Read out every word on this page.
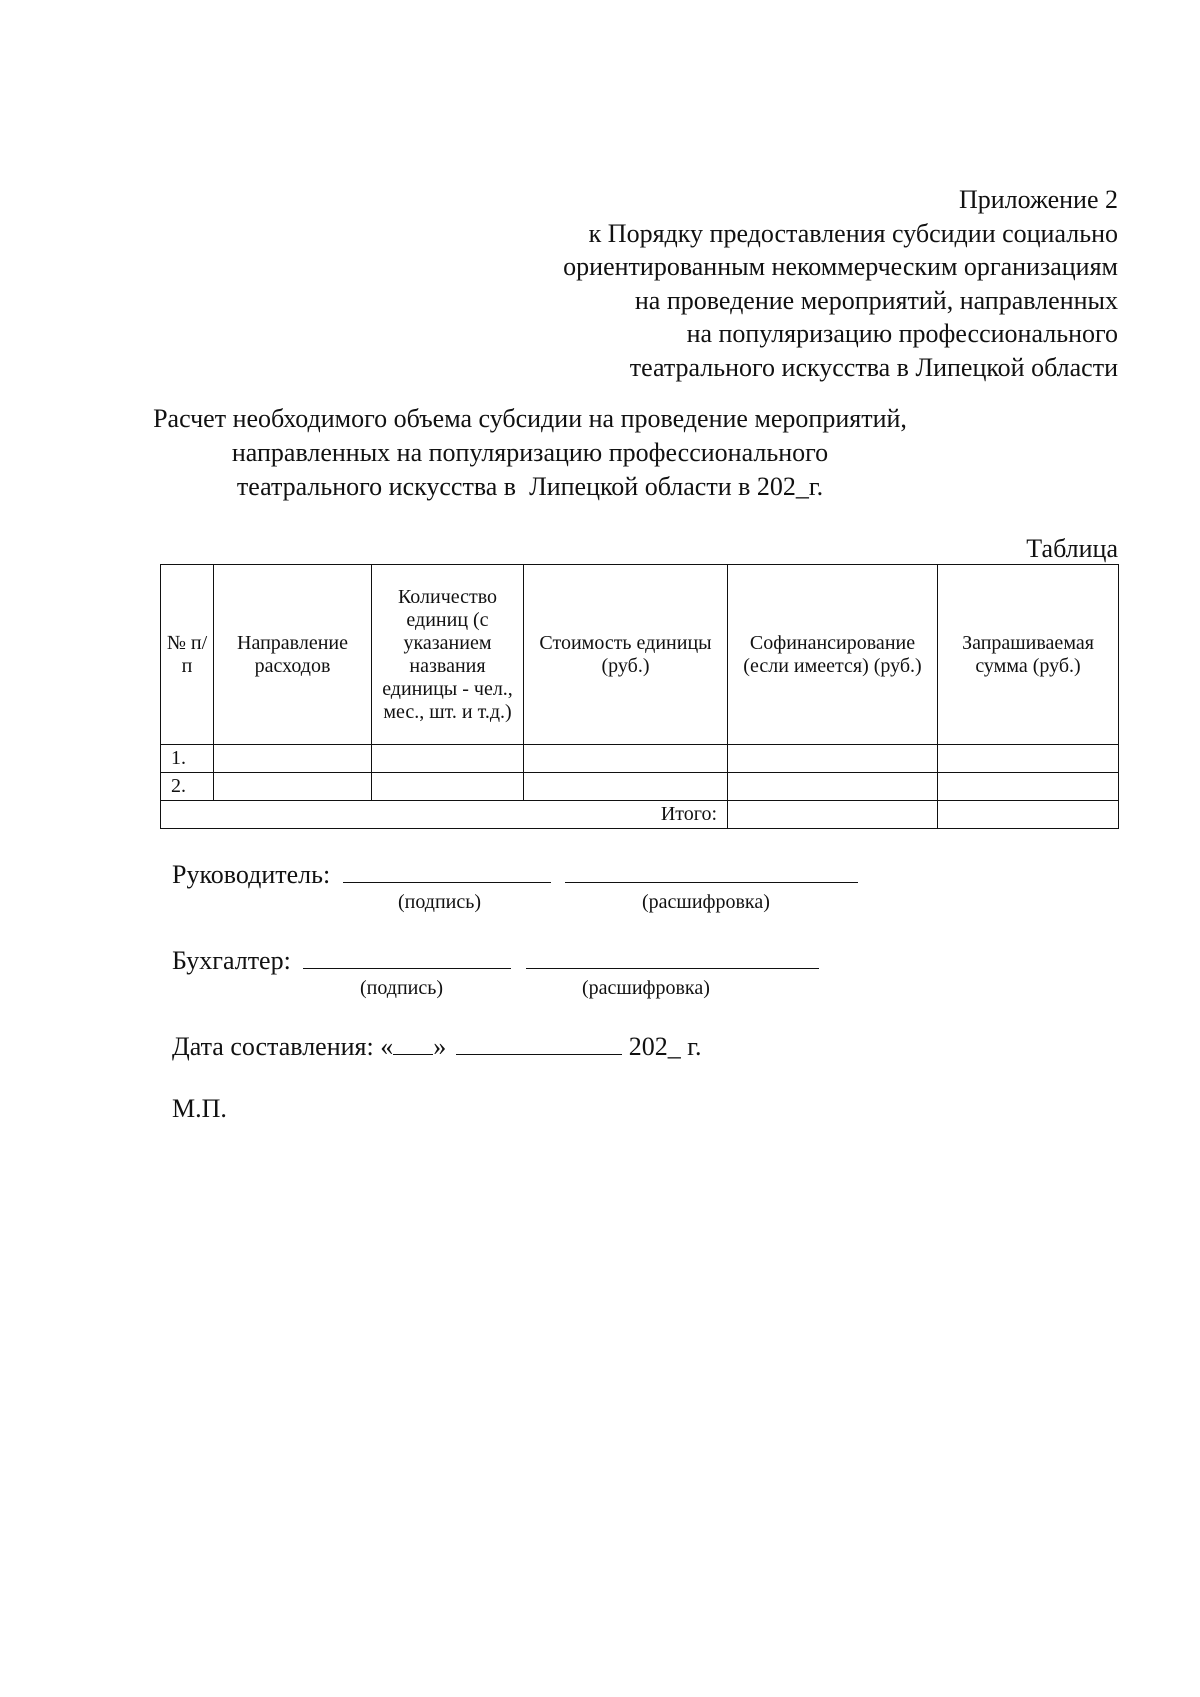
Приложение 2
к Порядку предоставления субсидии социально
ориентированным некоммерческим организациям
на проведение мероприятий, направленных
на популяризацию профессионального
театрального искусства в Липецкой области
Расчет необходимого объема субсидии на проведение мероприятий,
направленных на популяризацию профессионального
театрального искусства в  Липецкой области в 202_г.
Таблица
№ п/п	Направление расходов	Количество единиц (с указанием названия единицы - чел., мес., шт. и т.д.)	Стоимость единицы (руб.)	Софинансирование (если имеется) (руб.)	Запрашиваемая сумма (руб.)
1.					
2.					
Итого:					
Руководитель:
(подпись)	(расшифровка)
Бухгалтер:
(подпись)	(расшифровка)
Дата составления: « »	202_ г.
М.П.
